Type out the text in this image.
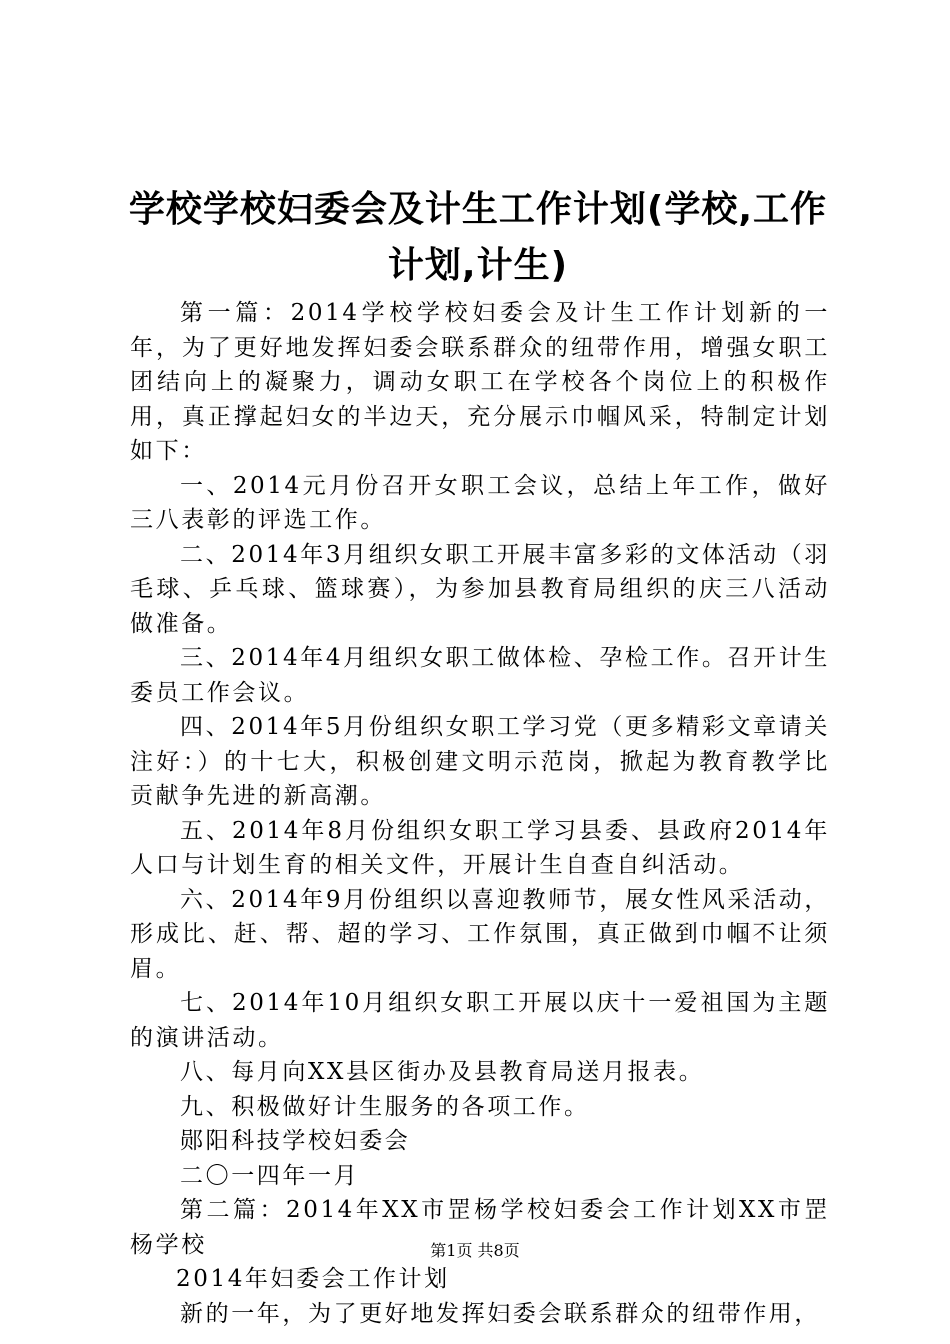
学校学校妇委会及计生工作计划(学校,工作计划,计生)

第一篇：2014学校学校妇委会及计生工作计划新的一年，为了更好地发挥妇委会联系群众的纽带作用，增强女职工团结向上的凝聚力，调动女职工在学校各个岗位上的积极作用，真正撑起妇女的半边天，充分展示巾帼风采，特制定计划如下：

一、2014元月份召开女职工会议，总结上年工作，做好三八表彰的评选工作。

二、2014年3月组织女职工开展丰富多彩的文体活动（羽毛球、乒乓球、篮球赛），为参加县教育局组织的庆三八活动做准备。

三、2014年4月组织女职工做体检、孕检工作。召开计生委员工作会议。

四、2014年5月份组织女职工学习党（更多精彩文章请关注好：）的十七大，积极创建文明示范岗，掀起为教育教学比贡献争先进的新高潮。

五、2014年8月份组织女职工学习县委、县政府2014年人口与计划生育的相关文件，开展计生自查自纠活动。

六、2014年9月份组织以喜迎教师节，展女性风采活动，形成比、赶、帮、超的学习、工作氛围，真正做到巾帼不让须眉。

七、2014年10月组织女职工开展以庆十一爱祖国为主题的演讲活动。

八、每月向XX县区街办及县教育局送月报表。

九、积极做好计生服务的各项工作。

郧阳科技学校妇委会

二〇一四年一月

第二篇：2014年XX市罡杨学校妇委会工作计划XX市罡杨学校

2014年妇委会工作计划

新的一年，为了更好地发挥妇委会联系群众的纽带作用，

第1页 共8页
